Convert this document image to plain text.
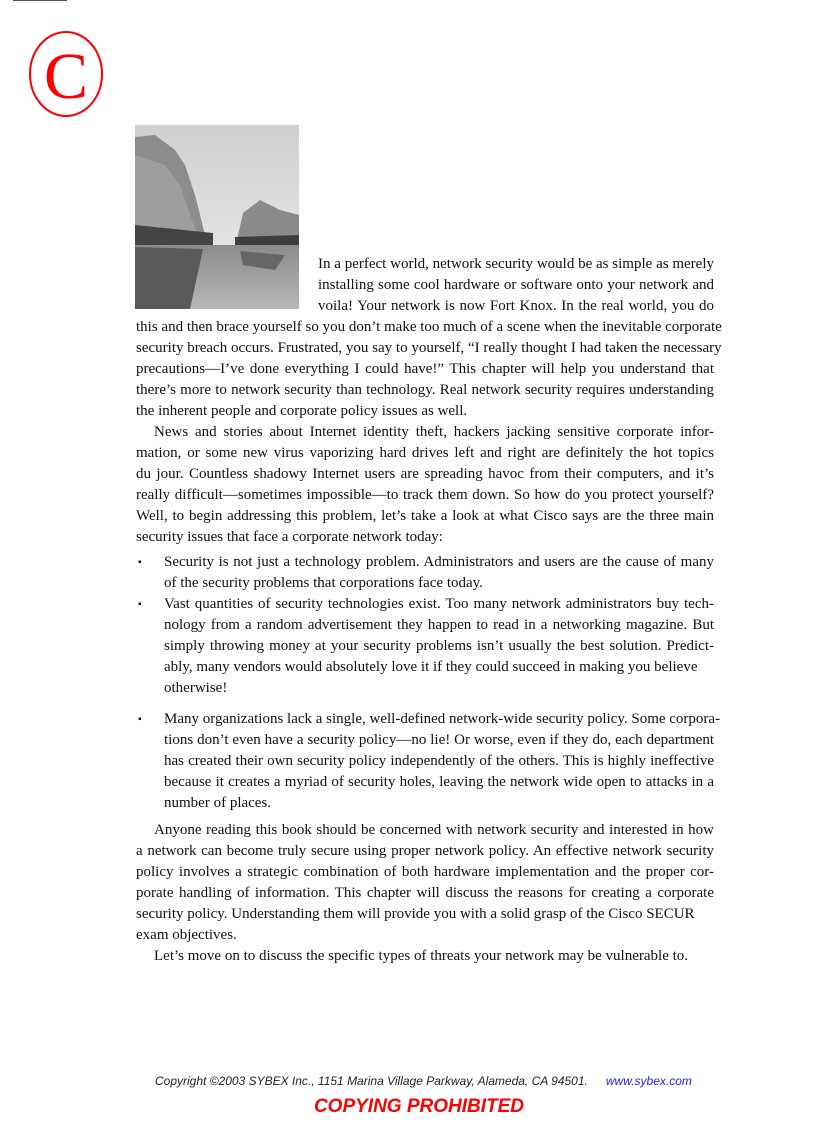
C
In a perfect world, network security would be as simple as merely
installing some cool hardware or software onto your network and
voila! Your network is now Fort Knox. In the real world, you do
this and then brace yourself so you don’t make too much of a scene when the inevitable corporate
security breach occurs. Frustrated, you say to yourself, “I really thought I had taken the necessary
precautions—I’ve done everything I could have!” This chapter will help you understand that
there’s more to network security than technology. Real network security requires understanding
the inherent people and corporate policy issues as well.
News and stories about Internet identity theft, hackers jacking sensitive corporate infor-
mation, or some new virus vaporizing hard drives left and right are definitely the hot topics
du jour. Countless shadowy Internet users are spreading havoc from their computers, and it’s
really difficult—sometimes impossible—to track them down. So how do you protect yourself?
Well, to begin addressing this problem, let’s take a look at what Cisco says are the three main
security issues that face a corporate network today:
▪ Security is not just a technology problem. Administrators and users are the cause of many
of the security problems that corporations face today.
▪ Vast quantities of security technologies exist. Too many network administrators buy tech-
nology from a random advertisement they happen to read in a networking magazine. But
simply throwing money at your security problems isn’t usually the best solution. Predict-
ably, many vendors would absolutely love it if they could succeed in making you believe
otherwise!
▪ Many organizations lack a single, well-defined network-wide security policy. Some corpora-
tions don’t even have a security policy—no lie! Or worse, even if they do, each department
has created their own security policy independently of the others. This is highly ineffective
because it creates a myriad of security holes, leaving the network wide open to attacks in a
number of places.
Anyone reading this book should be concerned with network security and interested in how
a network can become truly secure using proper network policy. An effective network security
policy involves a strategic combination of both hardware implementation and the proper cor-
porate handling of information. This chapter will discuss the reasons for creating a corporate
security policy. Understanding them will provide you with a solid grasp of the Cisco SECUR
exam objectives.
Let’s move on to discuss the specific types of threats your network may be vulnerable to.
Copyright ©2003 SYBEX Inc., 1151 Marina Village Parkway, Alameda, CA 94501. www.sybex.com
COPYING PROHIBITED
